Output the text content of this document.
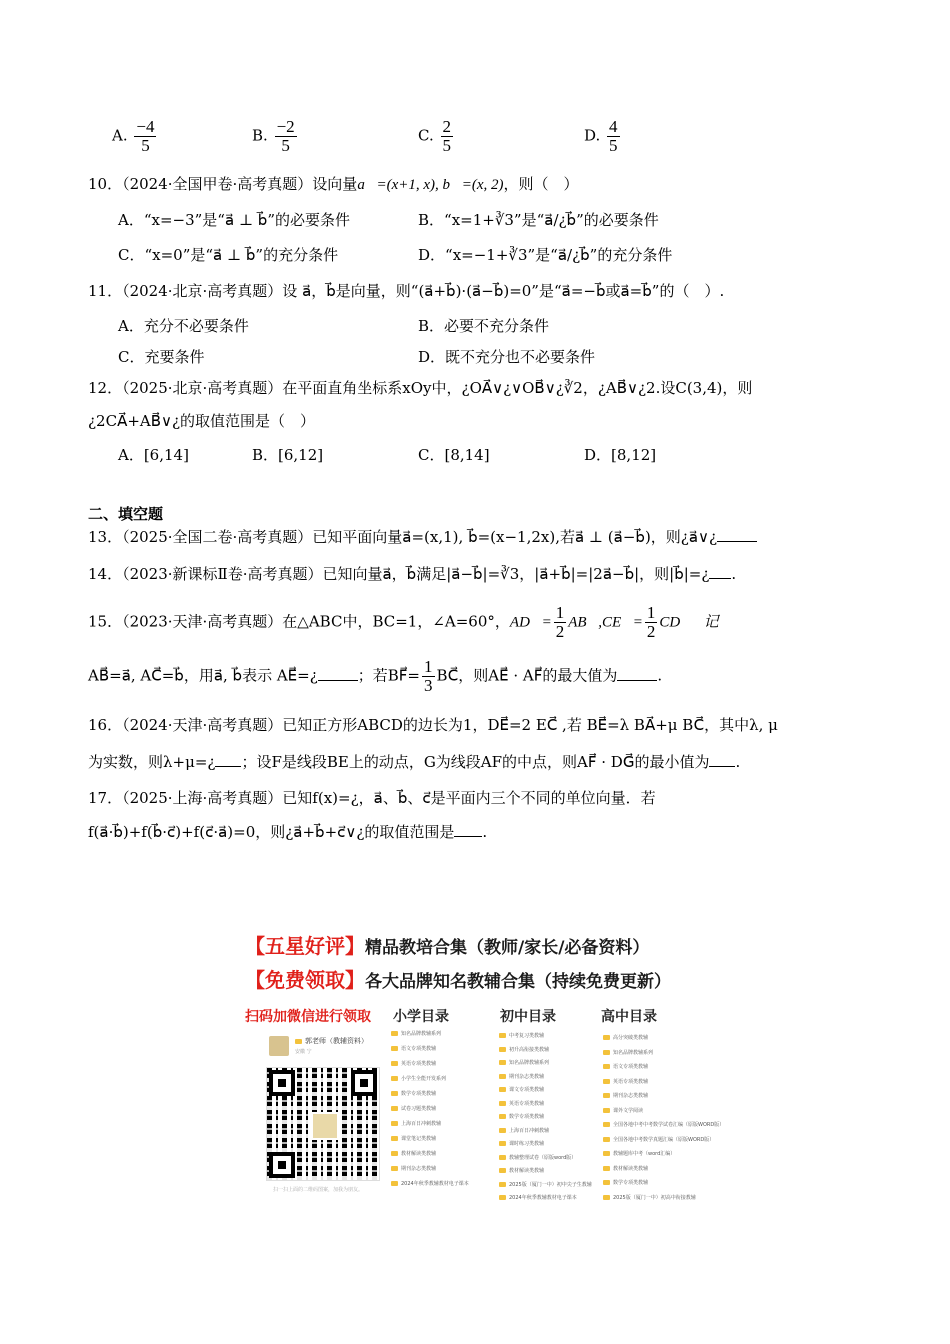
A. $\frac{-4}{5}$	B. $\frac{-2}{5}$	C. $\frac{2}{5}$	D. $\frac{4}{5}$
10．（2024·全国甲卷·高考真题）设向量a⃗=(x+1, x), b⃗=(x, 2)，则（　）
A．“x=−3”是“a⃗ ⊥ b⃗”的必要条件	B．“x=1+∛3”是“a⃗/¿b⃗”的必要条件
C．“x=0”是“a⃗ ⊥ b⃗”的充分条件	D．“x=−1+∛3”是“a⃗/¿b⃗”的充分条件
11．（2024·北京·高考真题）设 a⃗，b⃗是向量，则“(a⃗+b⃗)·(a⃗−b⃗)=0”是“a⃗=−b⃗或a⃗=b⃗”的（　）.
A．充分不必要条件	B．必要不充分条件
C．充要条件	D．既不充分也不必要条件
12．（2025·北京·高考真题）在平面直角坐标系xOy中，¿OA⃗∨¿∨OB⃗∨¿∛2，¿AB⃗∨¿2.设C(3,4)，则
¿2CA⃗+AB⃗∨¿的取值范围是（　）
A．[6,14]	B．[6,12]	C．[8,14]	D．[8,12]
二、填空题
13．（2025·全国二卷·高考真题）已知平面向量a⃗=(x,1), b⃗=(x−1,2x),若a⃗ ⊥ (a⃗−b⃗)，则¿a⃗∨¿
14．（2023·新课标Ⅱ卷·高考真题）已知向量a⃗，b⃗满足|a⃗−b⃗|=∛3，|a⃗+b⃗|=|2a⃗−b⃗|，则|b⃗|=¿ .
15．（2023·天津·高考真题）在△ABC中，BC=1，∠A=60°，AD⃗= $\frac{1}{2}$ AB⃗,CE⃗= $\frac{1}{2}$ CD⃗，记
AB⃗=a⃗, AC⃗=b⃗，用a⃗, b⃗表示 AE⃗=¿	；若BF⃗= $\frac{1}{3}$ BC⃗，则AE⃗ · AF⃗的最大值为	.
16．（2024·天津·高考真题）已知正方形ABCD的边长为1，DE⃗=2 EC⃗ ,若 BE⃗=λ BA⃗+μ BC⃗，其中λ, μ
为实数，则λ+μ=¿ ；设F是线段BE上的动点，G为线段AF的中点，则AF⃗ · DG⃗的最小值为 .
17．（2025·上海·高考真题）已知f(x)=¿，a⃗、b⃗、c⃗是平面内三个不同的单位向量．若
f(a⃗·b⃗)+f(b⃗·c⃗)+f(c⃗·a⃗)=0，则¿a⃗+b⃗+c⃗∨¿的取值范围是 .
【五星好评】精品教培合集（教师/家长/必备资料）
【免费领取】各大品牌知名教辅合集（持续免费更新）
扫码加微信进行领取
郭老师（教辅资料）
安徽 宁
扫一扫上面的二维码图案，加我为朋友。
小学目录	初中目录	高中目录
知名品牌教辅系列
语文专项类教辅
英语专项类教辅
小学生全能开发系列
数学专项类教辅
试卷习题类教辅
上海百日冲刺教辅
课堂笔记类教辅
教材解读类教辅
期刊杂志类教辅
2024年秋季教辅教材电子课本
中考复习类教辅
初升高衔接类教辅
知名品牌教辅系列
期刊杂志类教辅
课文专项类教辅
英语专项类教辅
数学专项类教辅
上海百日冲刺教辅
课时练习类教辅
教辅整理试卷（原版word版）
教材解读类教辅
2025版（厦门一中）初中尖子生教辅
2024年秋季教辅教材电子课本
高分突破类教辅
知名品牌教辅系列
语文专项类教辅
英语专项类教辅
期刊杂志类教辅
课外文学阅读
全国各地中考中考数学试卷汇编（原版WORD版）
全国各地中考数学真题汇编（原版WORD版）
教辅题库中考（word汇编）
教材解读类教辅
数学专项类教辅
2025版（厦门一中）初高中衔接教辅
